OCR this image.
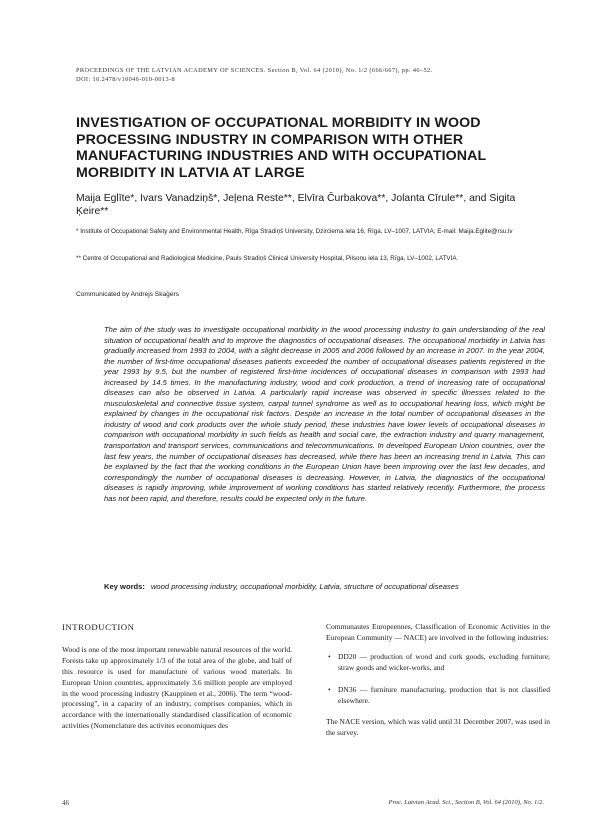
PROCEEDINGS OF THE LATVIAN ACADEMY OF SCIENCES. Section B, Vol. 64 (2010), No. 1/2 (666/667), pp. 46–52.
DOI: 10.2478/v10046-010-0013-8
INVESTIGATION OF OCCUPATIONAL MORBIDITY IN WOOD PROCESSING INDUSTRY IN COMPARISON WITH OTHER MANUFACTURING INDUSTRIES AND WITH OCCUPATIONAL MORBIDITY IN LATVIA AT LARGE
Maija Eglīte*, Ivars Vanadziņš*, Jeļena Reste**, Elvīra Čurbakova**, Jolanta Cīrule**, and Sigita Ķeire**
* Institute of Occupational Safety and Environmental Health, Rīga Stradiņš University, Dzirciema iela 16, Rīga, LV–1007, LATVIA; E-mail: Maija.Eglite@rsu.lv
** Centre of Occupational and Radiological Medicine, Pauls Stradiņš Clinical University Hospital, Pilsoņu iela 13, Rīga, LV–1002, LATVIA
Communicated by Andrejs Skaģers

The aim of the study was to investigate occupational morbidity in the wood processing industry to gain understanding of the real situation of occupational health and to improve the diagnostics of occupational diseases. The occupational morbidity in Latvia has gradually increased from 1993 to 2004, with a slight decrease in 2005 and 2006 followed by an increase in 2007. In the year 2004, the number of first-time occupational diseases patients exceeded the number of occupational diseases patients registered in the year 1993 by 9.5, but the number of registered first-time incidences of occupational diseases in comparison with 1993 had increased by 14.5 times. In the manufacturing industry, wood and cork production, a trend of increasing rate of occupational diseases can also be observed in Latvia. A particularly rapid increase was observed in specific illnesses related to the musculoskeletal and connective tissue system, carpal tunnel syndrome as well as to occupational hearing loss, which might be explained by changes in the occupational risk factors. Despite an increase in the total number of occupational diseases in the industry of wood and cork products over the whole study period, these industries have lower levels of occupational diseases in comparison with occupational morbidity in such fields as health and social care, the extraction industry and quarry management, transportation and transport services, communications and telecommunications. In developed European Union countries, over the last few years, the number of occupational diseases has decreased, while there has been an increasing trend in Latvia. This can be explained by the fact that the working conditions in the European Union have been improving over the last few decades, and correspondingly the number of occupational diseases is decreasing. However, in Latvia, the diagnostics of the occupational diseases is rapidly improving, while improvement of working conditions has started relatively recently. Furthermore, the process has not been rapid, and therefore, results could be expected only in the future.

Key words: wood processing industry, occupational morbidity, Latvia, structure of occupational diseases

INTRODUCTION

Wood is one of the most important renewable natural resources of the world. Forests take up approximately 1/3 of the total area of the globe, and half of this resource is used for manufacture of various wood materials. In European Union countries, approximately 3.6 million people are employed in the wood processing industry (Kauppinen et al., 2006). The term “wood-processing”, in a capacity of an industry, comprises companies, which in accordance with the internationally standardised classification of economic activities (Nomenclature des activites economiques des

Communautes Europeennes, Classification of Economic Activities in the European Community — NACE) are involved in the following industries:

• DD20 — production of wood and cork goods, excluding furniture; straw goods and wicker-works, and
• DN36 — furniture manufacturing, production that is not classified elsewhere.

The NACE version, which was valid until 31 December 2007, was used in the survey.

46	Proc. Latvian Acad. Sci., Section B, Vol. 64 (2010), No. 1/2.
